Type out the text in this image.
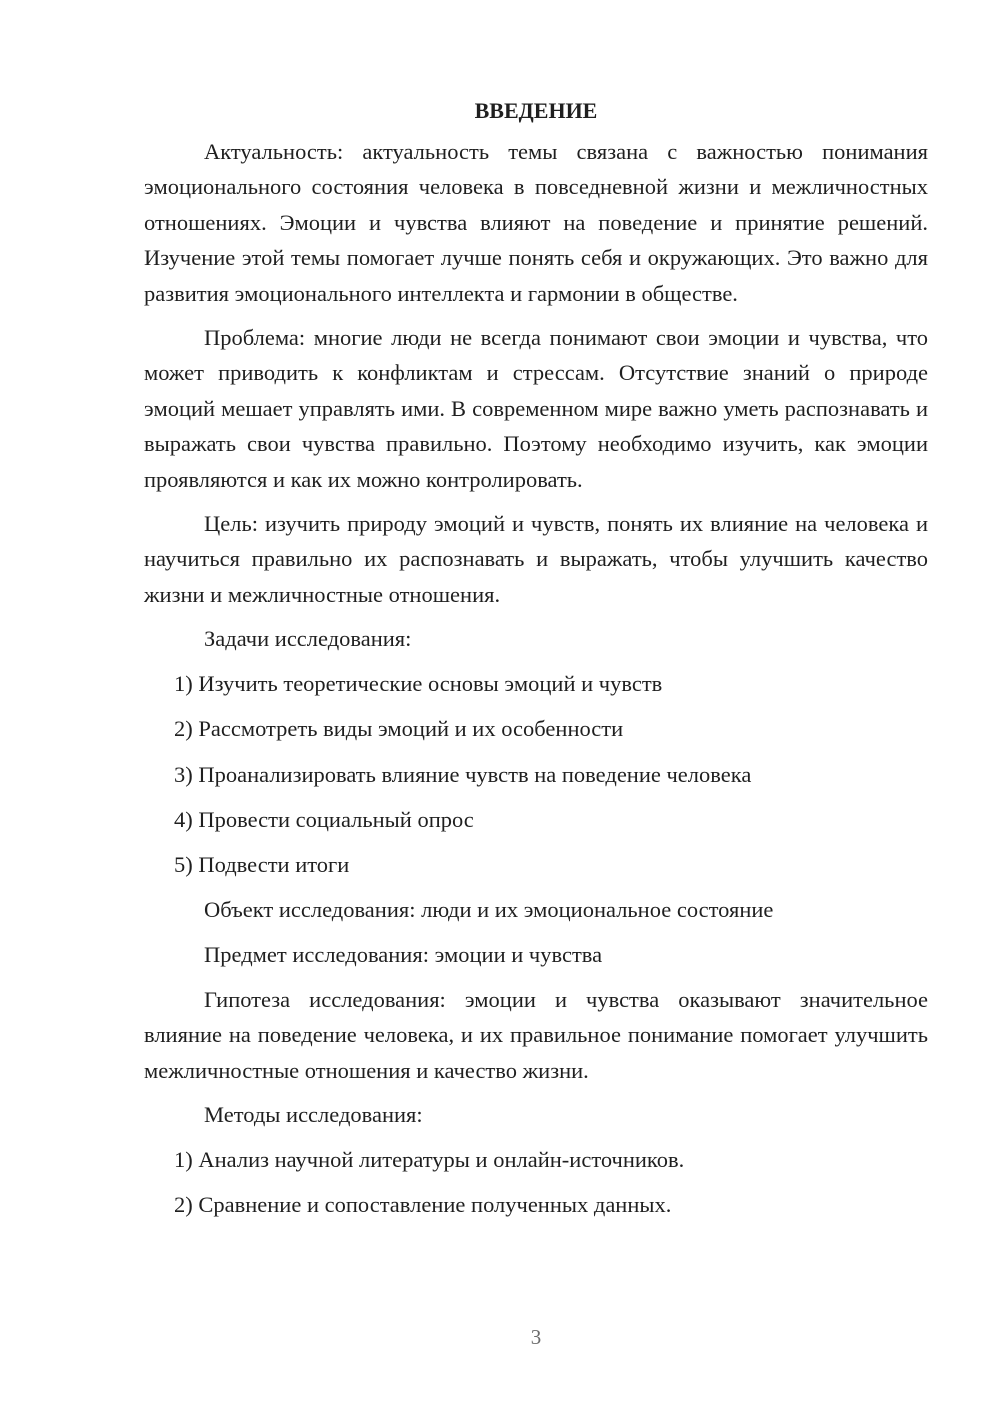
ВВЕДЕНИЕ

Актуальность: актуальность темы связана с важностью понимания эмоционального состояния человека в повседневной жизни и межличностных отношениях. Эмоции и чувства влияют на поведение и принятие решений. Изучение этой темы помогает лучше понять себя и окружающих. Это важно для развития эмоционального интеллекта и гармонии в обществе.

Проблема: многие люди не всегда понимают свои эмоции и чувства, что может приводить к конфликтам и стрессам. Отсутствие знаний о природе эмоций мешает управлять ими. В современном мире важно уметь распознавать и выражать свои чувства правильно. Поэтому необходимо изучить, как эмоции проявляются и как их можно контролировать.

Цель: изучить природу эмоций и чувств, понять их влияние на человека и научиться правильно их распознавать и выражать, чтобы улучшить качество жизни и межличностные отношения.

Задачи исследования:
1) Изучить теоретические основы эмоций и чувств
2) Рассмотреть виды эмоций и их особенности
3) Проанализировать влияние чувств на поведение человека
4) Провести социальный опрос
5) Подвести итоги
Объект исследования: люди и их эмоциональное состояние
Предмет исследования: эмоции и чувства

Гипотеза исследования: эмоции и чувства оказывают значительное влияние на поведение человека, и их правильное понимание помогает улучшить межличностные отношения и качество жизни.

Методы исследования:
1) Анализ научной литературы и онлайн-источников.
2) Сравнение и сопоставление полученных данных.
3
